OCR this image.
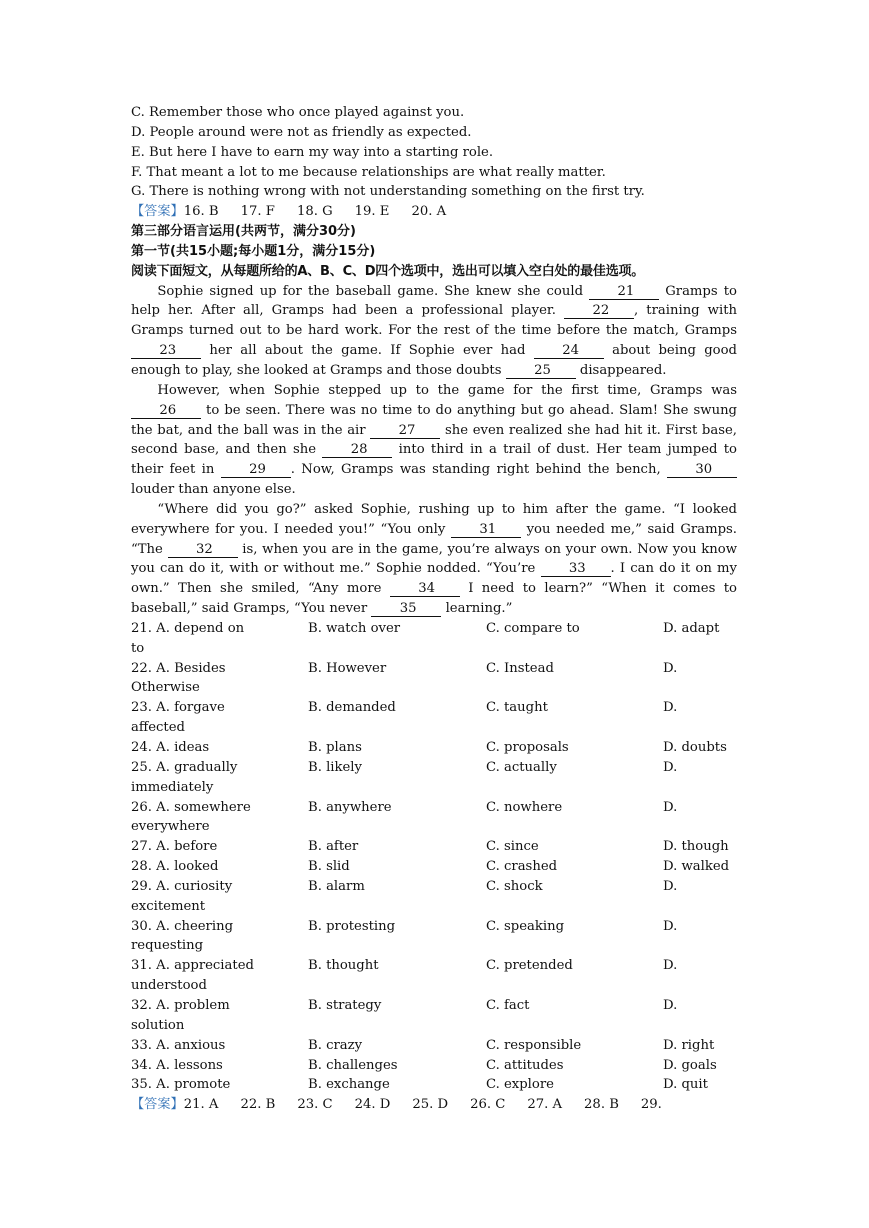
C. Remember those who once played against you.
D. People around were not as friendly as expected.
E. But here I have to earn my way into a starting role.
F. That meant a lot to me because relationships are what really matter.
G. There is nothing wrong with not understanding something on the first try.
【答案】16. B 17. F 18. G 19. E 20. A
第三部分语言运用(共两节，满分30分)
第一节(共15小题;每小题1分，满分15分)
阅读下面短文，从每题所给的A、B、C、D四个选项中，选出可以填入空白处的最佳选项。

Sophie signed up for the baseball game. She knew she could 21 Gramps to help her. After all, Gramps had been a professional player. 22 , training with Gramps turned out to be hard work. For the rest of the time before the match, Gramps 23 her all about the game. If Sophie ever had 24 about being good enough to play, she looked at Gramps and those doubts 25 disappeared.

However, when Sophie stepped up to the game for the first time, Gramps was 26 to be seen. There was no time to do anything but go ahead. Slam! She swung the bat, and the ball was in the air 27 she even realized she had hit it. First base, second base, and then she 28 into third in a trail of dust. Her team jumped to their feet in 29 . Now, Gramps was standing right behind the bench, 30 louder than anyone else.

“Where did you go?” asked Sophie, rushing up to him after the game. “I looked everywhere for you. I needed you!” “You only 31 you needed me,” said Gramps. “The 32 is, when you are in the game, you’re always on your own. Now you know you can do it, with or without me.” Sophie nodded. “You’re 33 . I can do it on my own.” Then she smiled, “Any more 34 I need to learn?” “When it comes to baseball,” said Gramps, “You never 35 learning.”

21. A. depend on	B. watch over	C. compare to	D. adapt
to
22. A. Besides	B. However	C. Instead	D.
Otherwise
23. A. forgave	B. demanded	C. taught	D.
affected
24. A. ideas	B. plans	C. proposals	D. doubts
25. A. gradually	B. likely	C. actually	D.
immediately
26. A. somewhere	B. anywhere	C. nowhere	D.
everywhere
27. A. before	B. after	C. since	D. though
28. A. looked	B. slid	C. crashed	D. walked
29. A. curiosity	B. alarm	C. shock	D.
excitement
30. A. cheering	B. protesting	C. speaking	D.
requesting
31. A. appreciated	B. thought	C. pretended	D.
understood
32. A. problem	B. strategy	C. fact	D.
solution
33. A. anxious	B. crazy	C. responsible	D. right
34. A. lessons	B. challenges	C. attitudes	D. goals
35. A. promote	B. exchange	C. explore	D. quit
【答案】21. A 22. B 23. C 24. D 25. D 26. C 27. A 28. B 29.
